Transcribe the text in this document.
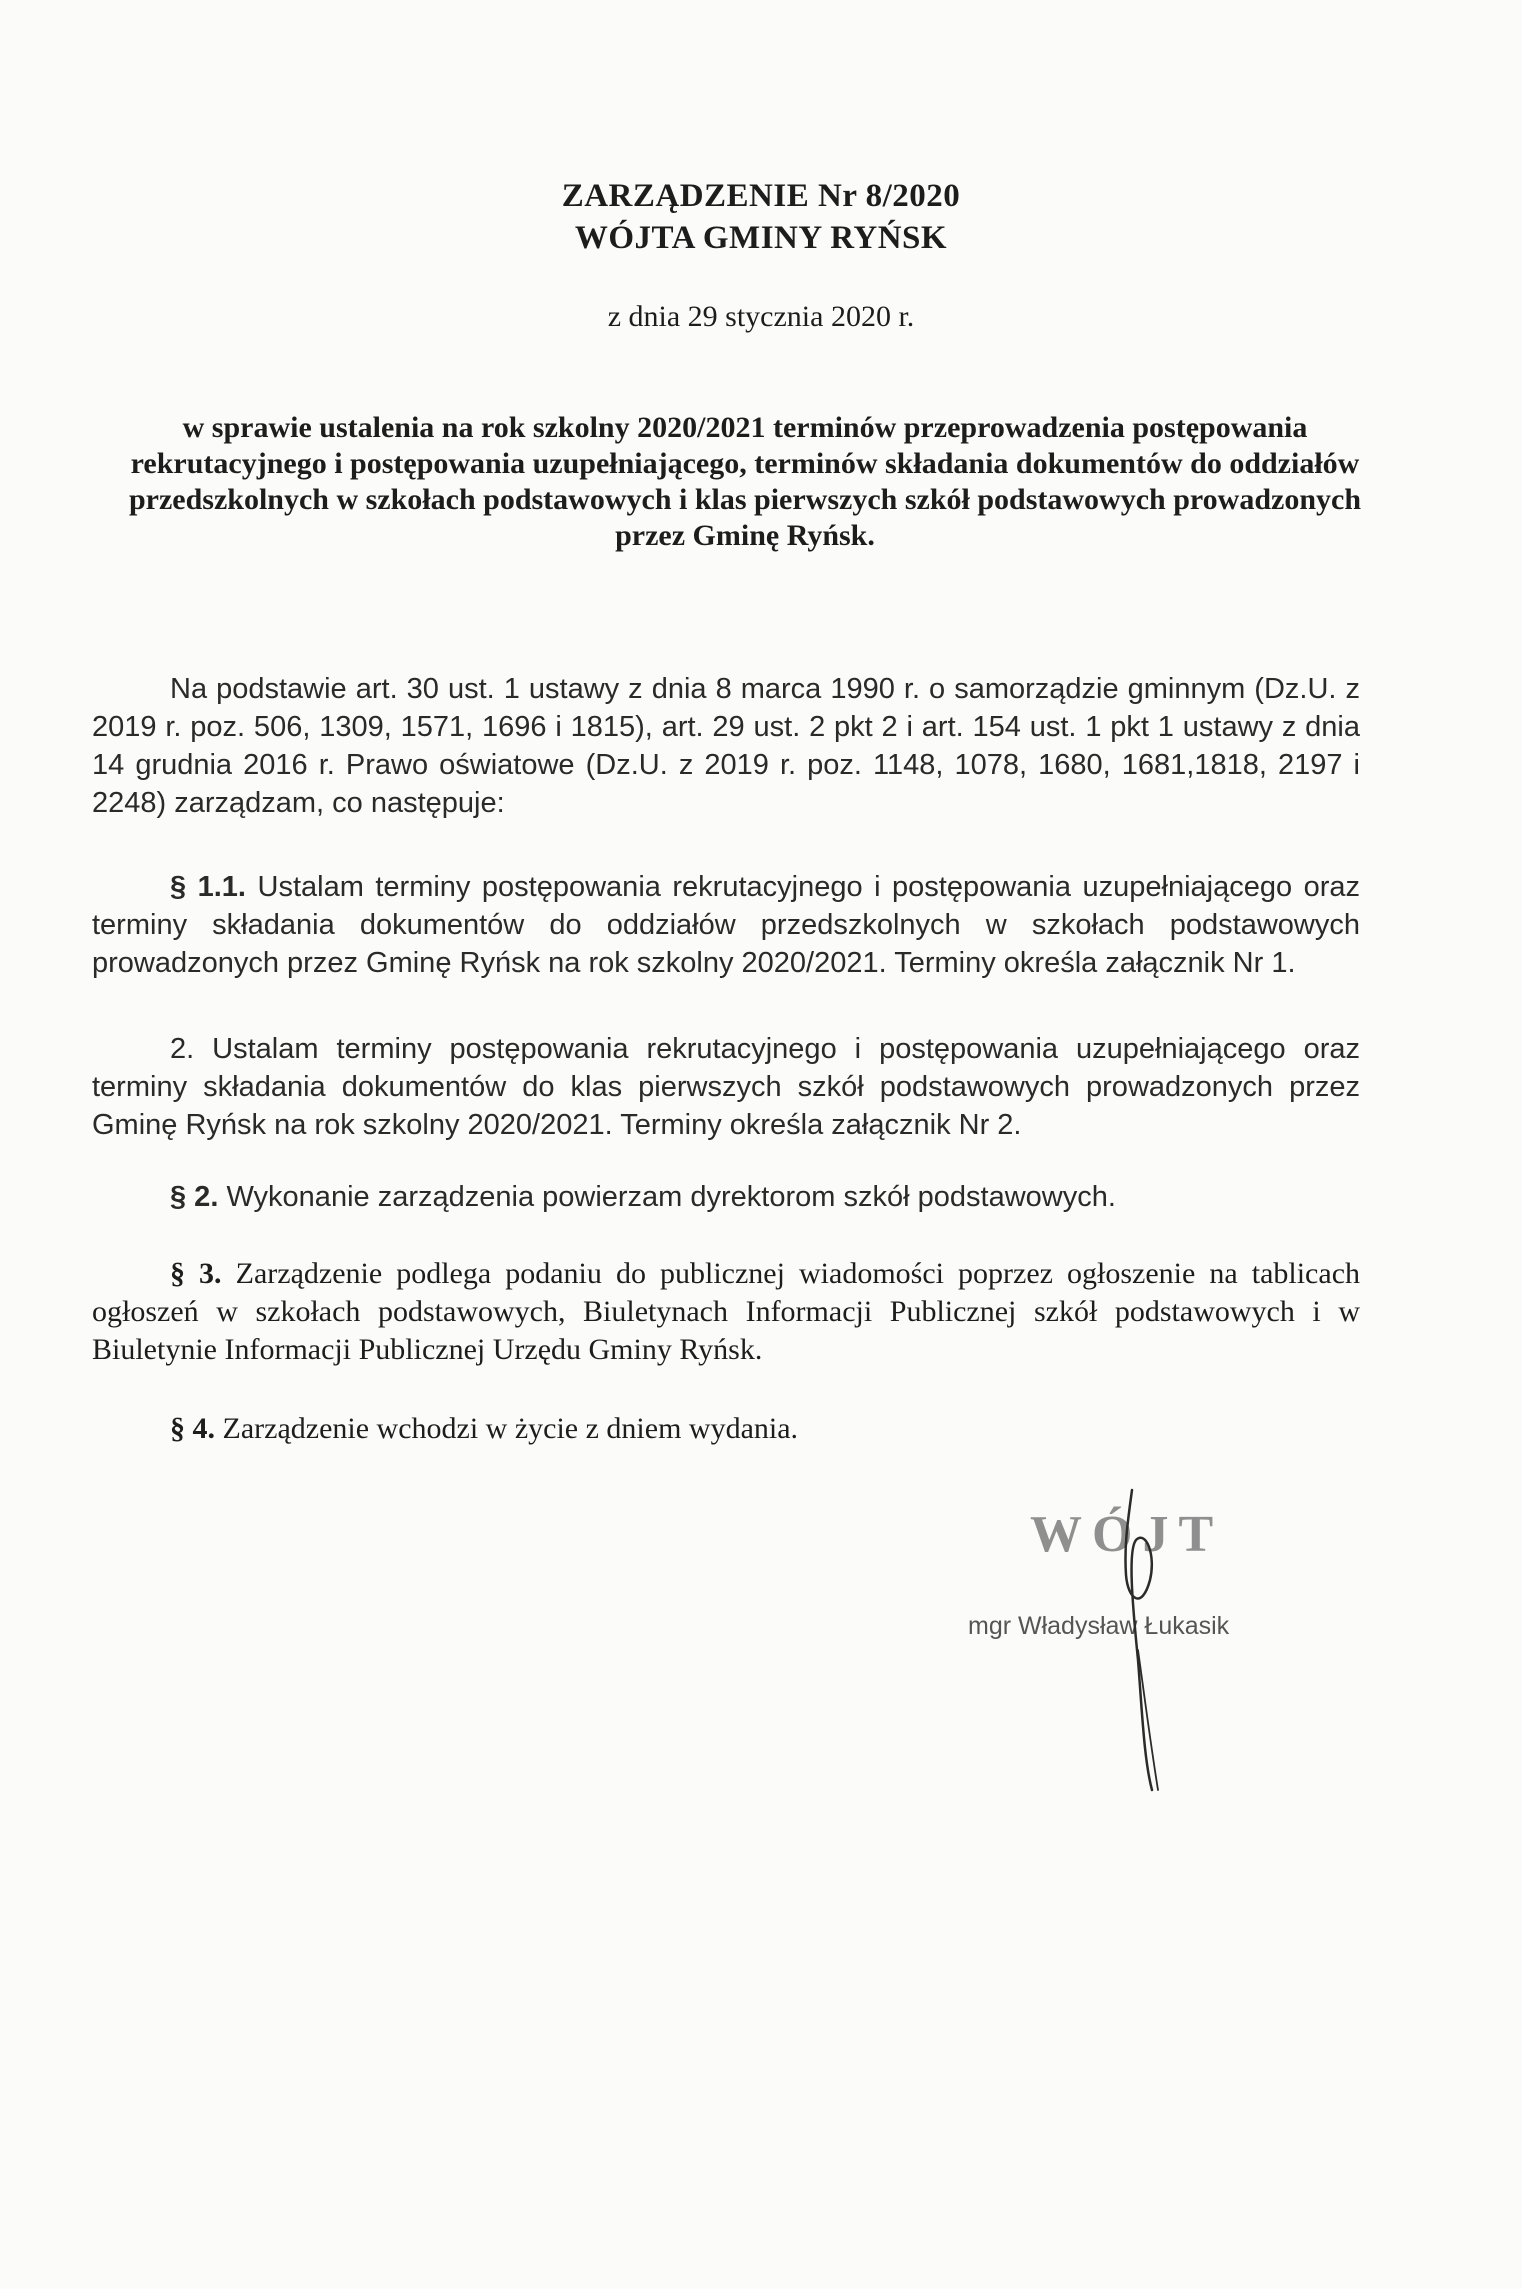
ZARZĄDZENIE Nr 8/2020
WÓJTA GMINY RYŃSK
z dnia 29 stycznia 2020 r.
w sprawie ustalenia na rok szkolny 2020/2021 terminów przeprowadzenia postępowania rekrutacyjnego i postępowania uzupełniającego, terminów składania dokumentów do oddziałów przedszkolnych w szkołach podstawowych i klas pierwszych szkół podstawowych prowadzonych przez Gminę Ryńsk.
Na podstawie art. 30 ust. 1 ustawy z dnia 8 marca 1990 r. o samorządzie gminnym (Dz.U. z 2019 r. poz. 506, 1309, 1571, 1696 i 1815), art. 29 ust. 2 pkt 2 i art. 154 ust. 1 pkt 1 ustawy z dnia 14 grudnia 2016 r. Prawo oświatowe (Dz.U. z 2019 r. poz. 1148, 1078, 1680, 1681,1818, 2197 i 2248) zarządzam, co następuje:
§ 1.1. Ustalam terminy postępowania rekrutacyjnego i postępowania uzupełniającego oraz terminy składania dokumentów do oddziałów przedszkolnych w szkołach podstawowych prowadzonych przez Gminę Ryńsk na rok szkolny 2020/2021. Terminy określa załącznik Nr 1.
2. Ustalam terminy postępowania rekrutacyjnego i postępowania uzupełniającego oraz terminy składania dokumentów do klas pierwszych szkół podstawowych prowadzonych przez Gminę Ryńsk na rok szkolny 2020/2021. Terminy określa załącznik Nr 2.
§ 2. Wykonanie zarządzenia powierzam dyrektorom szkół podstawowych.
§ 3. Zarządzenie podlega podaniu do publicznej wiadomości poprzez ogłoszenie na tablicach ogłoszeń w szkołach podstawowych, Biuletynach Informacji Publicznej szkół podstawowych i w Biuletynie Informacji Publicznej Urzędu Gminy Ryńsk.
§ 4. Zarządzenie wchodzi w życie z dniem wydania.
WÓJT
mgr Władysław Łukasik
